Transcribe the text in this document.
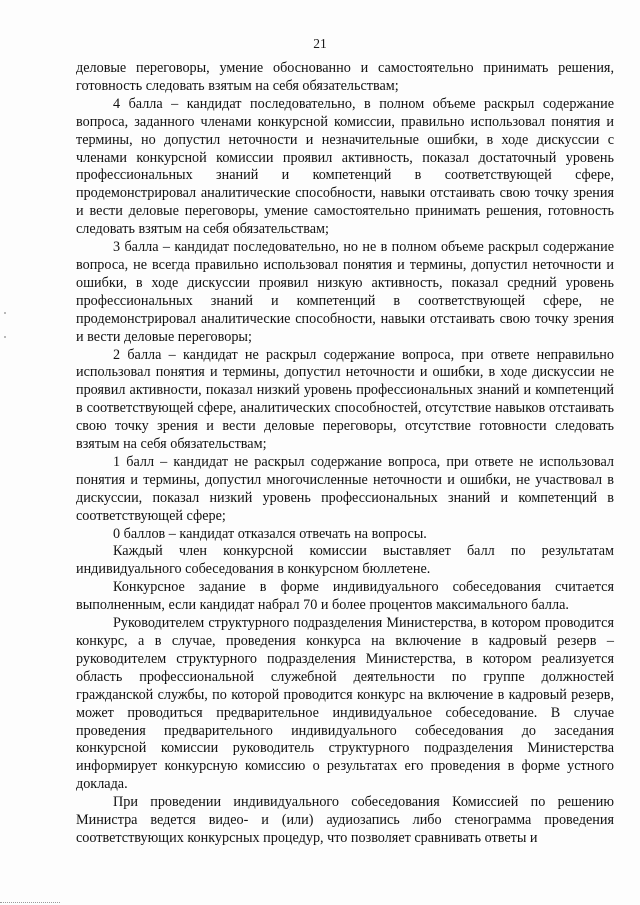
21

деловые переговоры, умение обоснованно и самостоятельно принимать решения, готовность следовать взятым на себя обязательствам;

4 балла – кандидат последовательно, в полном объеме раскрыл содержание вопроса, заданного членами конкурсной комиссии, правильно использовал понятия и термины, но допустил неточности и незначительные ошибки, в ходе дискуссии с членами конкурсной комиссии проявил активность, показал достаточный уровень профессиональных знаний и компетенций в соответствующей сфере, продемонстрировал аналитические способности, навыки отстаивать свою точку зрения и вести деловые переговоры, умение самостоятельно принимать решения, готовность следовать взятым на себя обязательствам;

3 балла – кандидат последовательно, но не в полном объеме раскрыл содержание вопроса, не всегда правильно использовал понятия и термины, допустил неточности и ошибки, в ходе дискуссии проявил низкую активность, показал средний уровень профессиональных знаний и компетенций в соответствующей сфере, не продемонстрировал аналитические способности, навыки отстаивать свою точку зрения и вести деловые переговоры;

2 балла – кандидат не раскрыл содержание вопроса, при ответе неправильно использовал понятия и термины, допустил неточности и ошибки, в ходе дискуссии не проявил активности, показал низкий уровень профессиональных знаний и компетенций в соответствующей сфере, аналитических способностей, отсутствие навыков отстаивать свою точку зрения и вести деловые переговоры, отсутствие готовности следовать взятым на себя обязательствам;

1 балл – кандидат не раскрыл содержание вопроса, при ответе не использовал понятия и термины, допустил многочисленные неточности и ошибки, не участвовал в дискуссии, показал низкий уровень профессиональных знаний и компетенций в соответствующей сфере;

0 баллов – кандидат отказался отвечать на вопросы.

Каждый член конкурсной комиссии выставляет балл по результатам индивидуального собеседования в конкурсном бюллетене.

Конкурсное задание в форме индивидуального собеседования считается выполненным, если кандидат набрал 70 и более процентов максимального балла.

Руководителем структурного подразделения Министерства, в котором проводится конкурс, а в случае, проведения конкурса на включение в кадровый резерв – руководителем структурного подразделения Министерства, в котором реализуется область профессиональной служебной деятельности по группе должностей гражданской службы, по которой проводится конкурс на включение в кадровый резерв, может проводиться предварительное индивидуальное собеседование. В случае проведения предварительного индивидуального собеседования до заседания конкурсной комиссии руководитель структурного подразделения Министерства информирует конкурсную комиссию о результатах его проведения в форме устного доклада.

При проведении индивидуального собеседования Комиссией по решению Министра ведется видео- и (или) аудиозапись либо стенограмма проведения соответствующих конкурсных процедур, что позволяет сравнивать ответы и
